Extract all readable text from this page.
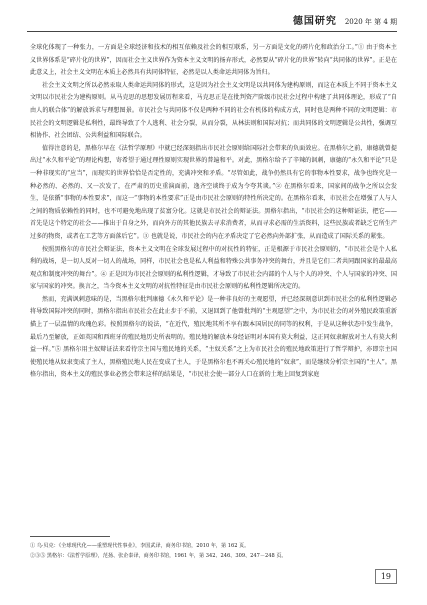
德国研究 2020 年 第 4 期

全球化体现了一种张力，一方面是全球经济和技术的相互依赖及社会的相互联系，另一方面是文化的碎片化和政治分工。”① 由于资本主义世界体系是“碎片化的世界”，因而社会主义世界作为资本主义文明的扬弃形式，必然要从“碎片化的世界”转向“共同体的世界”。正是在此意义上，社会主义文明在本质上必然具有共同体特征，必然是以人类命运共同体为旨归。

社会主义文明之所以必然汞取人类命运共同体的形式，这是因为社会主义文明是以共同体为建构原则，而这在本质上不同于资本主义文明以市民社会为建构原则。从马克思的思想发展历程来看，马克思正是在批判资产阶级市民社会过程中构建了共同体理论，形成了“自由人的联合体”的解放诉求与理想图景。市民社会与共同体不仅是两种不同的社会有机体的构成方式，同时也是两种不同的文明逻辑：市民社会的文明逻辑是私利性，最终导致了个人逃利、社会分裂，从而分裂，从林法则和国际对抗；而共同体的文明逻辑是公共性，强调互相协作、社会团结、公共利益和国际联合。

值得注意的是，黑格尔早在《法哲学原理》中就已经深刻指出市民社会原则给国际社会带来的负面效应。在黑格尔之前，康德就曾提出过“永久和平论”的理论构想，寄希望于通过理性原则实现世界的普遍和平。对此，黑格尔给予了辛辣的讽刺，康德的“永久和平论”只是一种非现实的“应当”，而现实的世界恰恰是否定性的，充满冲突和矛盾。“尽管如此，战争仍然具有它的事物本性要求，战争也终究是一种必然的、必然的、又一次发了，在严肃的历史重演面前，逸齐空谈终于成为令夸其谈。”② 在黑格尔看来，国家间的战争之所以会发生，是依循“事物的本性要求”，而这一“事物的本性要求”正是由市民社会原则的特性所决定的。在黑格尔看来，市民社会在增强了人与人之间的物质依赖性的同时，也不可避免地出现了贫富分化。这就是市民社会的辩证法。黑格尔指出，“市民社会的这种辩证法，把它——首先是这个特定的社会——推出于自身之外，而向外方的其他民族去寻求消费者，从而寻求必需的生活资料，这些民族或者缺乏它所生产过多的物资，或者在工艺等方面落后它”。③ 也就是说，市民社会的内在矛盾决定了它必然向外部扩张，从而造成了国际关系的紧张。

按照黑格尔的市民社会辩证法，资本主义文明在全球发展过程中的对抗性的特征，正是根源于市民社会原则的，“市民社会是个人私利的战场，是一切人反对一切人的战场，同样，市民社会也是私人利益和特殊公共事务冲突的舞台，并且是它们二者共同跟国家的最最高观点和制度冲突的舞台”。④ 正是因为市民社会原则的私利性逻辑，才导致了市民社会内部的个人与个人的冲突、个人与国家的冲突、国家与国家的冲突。换言之，当今资本主义文明的对抗性特征是由市民社会原则的私利性逻辑所决定的。

然而，充满讽刺意味的是，当黑格尔批判康德《永久和平论》是一种非良好的主观愿望，并已经深刻意识到市民社会的私利性逻辑必将导致国际冲突的同时，黑格尔指出市民社会在此止步于不前，又退回到了他曾批判的“主观愿望”之中，为市民社会的对外殖民政策重新描上了一层温情的玫瑰色彩。按照黑格尔的说法，“在近代，殖民地其所不享有跟本国居民的同等的权利，于是从这种状态中发生战争，最后乃至解放，正如英国和西班牙的殖民地历史所表明的。殖民地的解放本身经证明对本国有莫大利益，这正同奴隶解放对主人有莫大利益一样。”⑤ 黑格尔用主奴辩证法来看待宗主国与殖民地的关系，“主奴关系”之上为市民社会的殖民地政策进行了哲学辩护，亦即宗主国使殖民地从奴隶变成了主人，黑格殖民地人民在变成了主人，于是黑格尔也不再关心殖民地的“奴隶”，而是继续分析宗主国的“主人”。黑格尔指出，资本主义的殖民事业必然会带来这样的结果是，“市民社会使一部分人口在新的土地上回复到家庭

① 乌·贝克：《全球现代化——重塑现代性事业》，李国武译，商务印书馆，2010 年，第 162 页。
②③⑤ 黑格尔：《法哲学原理》，范扬、张企泰译，商务印书馆，1961 年，第 342、246、309、247－248 页。
19
